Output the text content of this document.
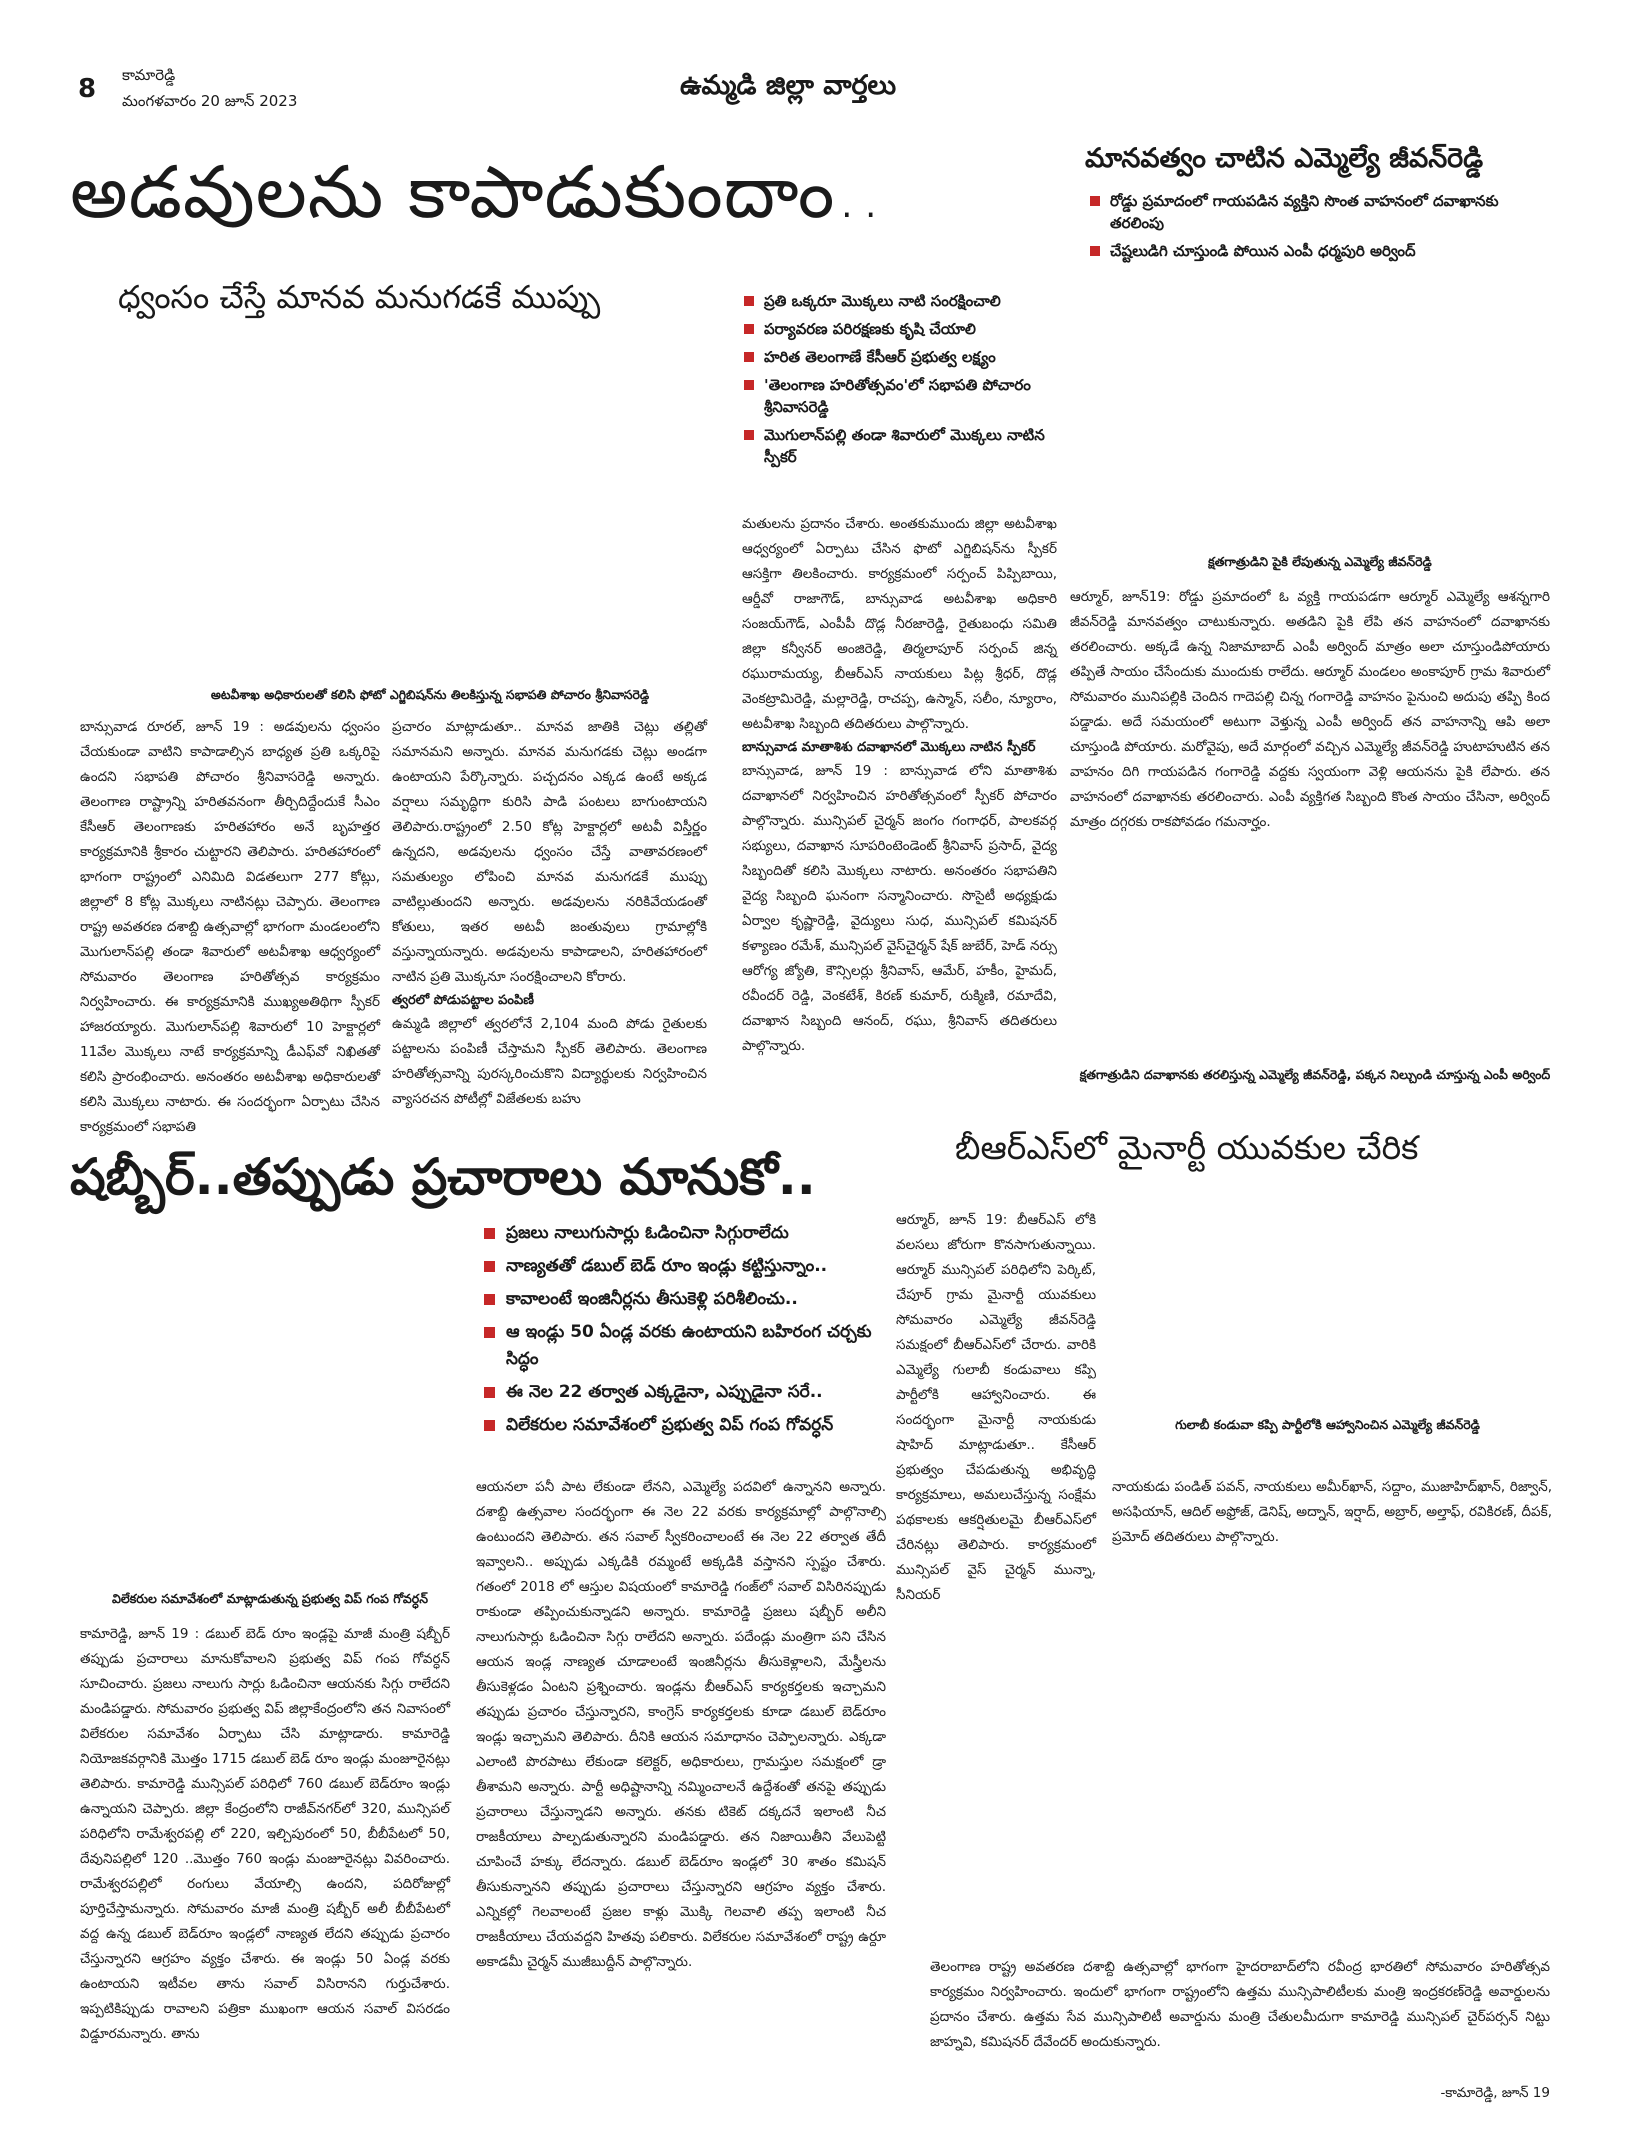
8 కామారెడ్డి
మంగళవారం 20 జూన్ 2023	ఉమ్మడి జిల్లా వార్తలు
అడవులను కాపాడుకుందాం..
ధ్వంసం చేస్తే మానవ మనుగడకే ముప్పు	ప్రతి ఒక్కరూ మొక్కలు నాటి సంరక్షించాలి
పర్యావరణ పరిరక్షణకు కృషి చేయాలి
హరిత తెలంగాణే కేసీఆర్ ప్రభుత్వ లక్ష్యం
'తెలంగాణ హరితోత్సవం'లో సభాపతి పోచారం శ్రీనివాసరెడ్డి
మొగులాన్‌పల్లి తండా శివారులో మొక్కలు నాటిన స్పీకర్
అటవీశాఖ అధికారులతో కలిసి ఫోటో ఎగ్జిబిషన్‌ను తిలకిస్తున్న సభాపతి పోచారం శ్రీనివాసరెడ్డి
బాన్సువాడ రూరల్, జూన్ 19 : అడవులను ధ్వంసం చేయకుండా వాటిని కాపాడాల్సిన బాధ్యత ప్రతి ఒక్కరిపై ఉందని సభాపతి పోచారం శ్రీనివాసరెడ్డి అన్నారు. తెలంగాణ రాష్ట్రాన్ని హరితవనంగా తీర్చిదిద్దేందుకే సీఎం కేసీఆర్ తెలంగాణకు హరితహారం అనే బృహత్తర కార్యక్రమానికి శ్రీకారం చుట్టారని తెలిపారు. హరితహారంలో భాగంగా రాష్ట్రంలో ఎనిమిది విడతలుగా 277 కోట్లు, జిల్లాలో 8 కోట్ల మొక్కలు నాటినట్లు చెప్పారు. తెలంగాణ రాష్ట్ర అవతరణ దశాబ్ది ఉత్సవాల్లో భాగంగా మండలంలోని మొగులాన్‌పల్లి తండా శివారులో అటవీశాఖ ఆధ్వర్యంలో సోమవారం తెలంగాణ హరితోత్సవ కార్యక్రమం నిర్వహించారు. ఈ కార్యక్రమానికి ముఖ్యఅతిథిగా స్పీకర్ హాజరయ్యారు. మొగులాన్‌పల్లి శివారులో 10 హెక్టార్లలో 11వేల మొక్కలు నాటే కార్యక్రమాన్ని డీఎఫ్‌వో నిఖితతో కలిసి ప్రారంభించారు. అనంతరం అటవీశాఖ అధికారులతో కలిసి మొక్కలు నాటారు. ఈ సందర్భంగా ఏర్పాటు చేసిన కార్యక్రమంలో సభాపతి
ప్రచారం మాట్లాడుతూ.. మానవ జాతికి చెట్లు తల్లితో సమానమని అన్నారు. మానవ మనుగడకు చెట్లు అండగా ఉంటాయని పేర్కొన్నారు. పచ్చదనం ఎక్కడ ఉంటే అక్కడ వర్షాలు సమృద్ధిగా కురిసి పాడి పంటలు బాగుంటాయని తెలిపారు.రాష్ట్రంలో 2.50 కోట్ల హెక్టార్లలో అటవీ విస్తీర్ణం ఉన్నదని, అడవులను ధ్వంసం చేస్తే వాతావరణంలో సమతుల్యం లోపించి మానవ మనుగడకే ముప్పు వాటిల్లుతుందని అన్నారు. అడవులను నరికివేయడంతో కోతులు, ఇతర అటవీ జంతువులు గ్రామాల్లోకి వస్తున్నాయన్నారు. అడవులను కాపాడాలని, హరితహారంలో నాటిన ప్రతి మొక్కనూ సంరక్షించాలని కోరారు.
త్వరలో పోడుపట్టాల పంపిణీ
ఉమ్మడి జిల్లాలో త్వరలోనే 2,104 మంది పోడు రైతులకు పట్టాలను పంపిణీ చేస్తామని స్పీకర్ తెలిపారు. తెలంగాణ హరితోత్సవాన్ని పురస్కరించుకొని విద్యార్థులకు నిర్వహించిన వ్యాసరచన పోటీల్లో విజేతలకు బహు
మతులను ప్రదానం చేశారు. అంతకుముందు జిల్లా అటవీశాఖ ఆధ్వర్యంలో ఏర్పాటు చేసిన ఫొటో ఎగ్జిబిషన్‌ను స్పీకర్ ఆసక్తిగా తిలకించారు. కార్యక్రమంలో సర్పంచ్ పిప్పిబాయి, ఆర్డీవో రాజాగౌడ్, బాన్సువాడ అటవీశాఖ అధికారి సంజయ్‌గౌడ్, ఎంపీపీ దొడ్ల నీరజారెడ్డి, రైతుబంధు సమితి జిల్లా కన్వీనర్ అంజిరెడ్డి, తిర్మలాపూర్ సర్పంచ్ జిన్న రఘురామయ్య, బీఆర్ఎస్ నాయకులు పిట్ల శ్రీధర్, దొడ్ల వెంకట్రామిరెడ్డి, మల్లారెడ్డి, రాచప్ప, ఉస్మాన్, సలీం, న్యూరాం, అటవీశాఖ సిబ్బంది తదితరులు పాల్గొన్నారు.
బాన్సువాడ మాతాశిశు దవాఖానలో మొక్కలు నాటిన స్పీకర్
బాన్సువాడ, జూన్ 19 : బాన్సువాడ లోని మాతాశిశు దవాఖానలో నిర్వహించిన హరితోత్సవంలో స్పీకర్ పోచారం పాల్గొన్నారు. మున్సిపల్ చైర్మన్ జంగం గంగాధర్, పాలకవర్గ సభ్యులు, దవాఖాన సూపరింటెండెంట్ శ్రీనివాస్ ప్రసాద్, వైద్య సిబ్బందితో కలిసి మొక్కలు నాటారు. అనంతరం సభాపతిని వైద్య సిబ్బంది ఘనంగా సన్మానించారు. సొసైటీ అధ్యక్షుడు ఏర్వాల కృష్ణారెడ్డి, వైద్యులు సుధ, మున్సిపల్ కమిషనర్ కళ్యాణం రమేశ్, మున్సిపల్ వైస్‌చైర్మన్ షేక్ జుబేర్, హెడ్ నర్సు ఆరోగ్య జ్యోతి, కౌన్సిలర్లు శ్రీనివాస్, ఆమేర్, హకీం, హైమద్, రవీందర్ రెడ్డి, వెంకటేశ్, కిరణ్ కుమార్, రుక్మిణి, రమాదేవి, దవాఖాన సిబ్బంది ఆనంద్, రఘు, శ్రీనివాస్ తదితరులు పాల్గొన్నారు.
మానవత్వం చాటిన ఎమ్మెల్యే జీవన్‌రెడ్డి
రోడ్డు ప్రమాదంలో గాయపడిన వ్యక్తిని సొంత వాహనంలో దవాఖానకు తరలింపు
చేష్టలుడిగి చూస్తుండి పోయిన ఎంపీ ధర్మపురి అర్వింద్
క్షతగాత్రుడిని పైకి లేపుతున్న ఎమ్మెల్యే జీవన్‌రెడ్డి
ఆర్మూర్, జూన్19: రోడ్డు ప్రమాదంలో ఓ వ్యక్తి గాయపడగా ఆర్మూర్ ఎమ్మెల్యే ఆశన్నగారి జీవన్‌రెడ్డి మానవత్వం చాటుకున్నారు. అతడిని పైకి లేపి తన వాహనంలో దవాఖానకు తరలించారు. అక్కడే ఉన్న నిజామాబాద్ ఎంపీ అర్వింద్ మాత్రం అలా చూస్తుండిపోయారు తప్పితే సాయం చేసేందుకు ముందుకు రాలేదు. ఆర్మూర్ మండలం అంకాపూర్ గ్రామ శివారులో సోమవారం మునిపల్లికి చెందిన గాదెపల్లి చిన్న గంగారెడ్డి వాహనం పైనుంచి అదుపు తప్పి కింద పడ్డాడు. అదే సమయంలో అటుగా వెళ్తున్న ఎంపీ అర్వింద్ తన వాహనాన్ని ఆపి అలా చూస్తుండి పోయారు. మరోవైపు, అదే మార్గంలో వచ్చిన ఎమ్మెల్యే జీవన్‌రెడ్డి హుటాహుటిన తన వాహనం దిగి గాయపడిన గంగారెడ్డి వద్దకు స్వయంగా వెళ్లి ఆయనను పైకి లేపారు. తన వాహనంలో దవాఖానకు తరలించారు. ఎంపీ వ్యక్తిగత సిబ్బంది కొంత సాయం చేసినా, అర్వింద్ మాత్రం దగ్గరకు రాకపోవడం గమనార్హం.
క్షతగాత్రుడిని దవాఖానకు తరలిస్తున్న ఎమ్మెల్యే జీవన్‌రెడ్డి, పక్కన నిల్చుండి చూస్తున్న ఎంపీ అర్వింద్
షబ్బీర్..తప్పుడు ప్రచారాలు మానుకో..
ప్రజలు నాలుగుసార్లు ఓడించినా సిగ్గురాలేదు
నాణ్యతతో డబుల్ బెడ్ రూం ఇండ్లు కట్టిస్తున్నాం..
కావాలంటే ఇంజినీర్లను తీసుకెళ్లి పరిశీలించు..
ఆ ఇండ్లు 50 ఏండ్ల వరకు ఉంటాయని బహిరంగ చర్చకు సిద్ధం
ఈ నెల 22 తర్వాత ఎక్కడైనా, ఎప్పుడైనా సరే..
విలేకరుల సమావేశంలో ప్రభుత్వ విప్ గంప గోవర్ధన్
విలేకరుల సమావేశంలో మాట్లాడుతున్న ప్రభుత్వ విప్ గంప గోవర్ధన్
కామారెడ్డి, జూన్ 19 : డబుల్ బెడ్ రూం ఇండ్లపై మాజీ మంత్రి షబ్బీర్ తప్పుడు ప్రచారాలు మానుకోవాలని ప్రభుత్వ విప్ గంప గోవర్ధన్ సూచించారు. ప్రజలు నాలుగు సార్లు ఓడించినా ఆయనకు సిగ్గు రాలేదని మండిపడ్డారు. సోమవారం ప్రభుత్వ విప్ జిల్లాకేంద్రంలోని తన నివాసంలో విలేకరుల సమావేశం ఏర్పాటు చేసి మాట్లాడారు. కామారెడ్డి నియోజకవర్గానికి మొత్తం 1715 డబుల్ బెడ్ రూం ఇండ్లు మంజూరైనట్లు తెలిపారు. కామారెడ్డి మున్సిపల్ పరిధిలో 760 డబుల్ బెడ్‌రూం ఇండ్లు ఉన్నాయని చెప్పారు. జిల్లా కేంద్రంలోని రాజీవ్‌నగర్‌లో 320, మున్సిపల్ పరిధిలోని రామేశ్వరపల్లి లో 220, ఇల్చిపురంలో 50, బీబీపేటలో 50, దేవునిపల్లిలో 120 ..మొత్తం 760 ఇండ్లు మంజూరైనట్లు వివరించారు. రామేశ్వరపల్లిలో రంగులు వేయాల్సి ఉందని, పదిరోజుల్లో పూర్తిచేస్తామన్నారు. సోమవారం మాజీ మంత్రి షబ్బీర్ అలీ బీబీపేటలో వద్ద ఉన్న డబుల్ బెడ్‌రూం ఇండ్లలో నాణ్యత లేదని తప్పుడు ప్రచారం చేస్తున్నారని ఆగ్రహం వ్యక్తం చేశారు. ఈ ఇండ్లు 50 ఏండ్ల వరకు ఉంటాయని ఇటీవల తాను సవాల్ విసిరానని గుర్తుచేశారు. ఇప్పటికిప్పుడు రావాలని పత్రికా ముఖంగా ఆయన సవాల్ విసరడం విడ్డూరమన్నారు. తాను
ఆయనలా పనీ పాట లేకుండా లేనని, ఎమ్మెల్యే పదవిలో ఉన్నానని అన్నారు. దశాబ్ది ఉత్సవాల సందర్భంగా ఈ నెల 22 వరకు కార్యక్రమాల్లో పాల్గొనాల్సి ఉంటుందని తెలిపారు. తన సవాల్ స్వీకరించాలంటే ఈ నెల 22 తర్వాత తేదీ ఇవ్వాలని.. అప్పుడు ఎక్కడికి రమ్మంటే అక్కడికి వస్తానని స్పష్టం చేశారు. గతంలో 2018 లో ఆస్తుల విషయంలో కామారెడ్డి గంజ్‌లో సవాల్ విసిరినప్పుడు రాకుండా తప్పించుకున్నాడని అన్నారు. కామారెడ్డి ప్రజలు షబ్బీర్ అలీని నాలుగుసార్లు ఓడించినా సిగ్గు రాలేదని అన్నారు. పదేండ్లు మంత్రిగా పని చేసిన ఆయన ఇండ్ల నాణ్యత చూడాలంటే ఇంజినీర్లను తీసుకెళ్లాలని, మేస్త్రీలను తీసుకెళ్లడం ఏంటని ప్రశ్నించారు. ఇండ్లను బీఆర్ఎస్ కార్యకర్తలకు ఇచ్చామని తప్పుడు ప్రచారం చేస్తున్నారని, కాంగ్రెస్ కార్యకర్తలకు కూడా డబుల్ బెడ్‌రూం ఇండ్లు ఇచ్చామని తెలిపారు. దీనికి ఆయన సమాధానం చెప్పాలన్నారు. ఎక్కడా ఎలాంటి పొరపాటు లేకుండా కలెక్టర్, అధికారులు, గ్రామస్తుల సమక్షంలో డ్రా తీశామని అన్నారు. పార్టీ అధిష్టానాన్ని నమ్మించాలనే ఉద్దేశంతో తనపై తప్పుడు ప్రచారాలు చేస్తున్నాడని అన్నారు. తనకు టికెట్ దక్కదనే ఇలాంటి నీచ రాజకీయాలు పాల్పడుతున్నారని మండిపడ్డారు. తన నిజాయితీని వేలుపెట్టి చూపించే హక్కు లేదన్నారు. డబుల్ బెడ్‌రూం ఇండ్లలో 30 శాతం కమిషన్ తీసుకున్నానని తప్పుడు ప్రచారాలు చేస్తున్నారని ఆగ్రహం వ్యక్తం చేశారు. ఎన్నికల్లో గెలవాలంటే ప్రజల కాళ్లు మొక్కి గెలవాలి తప్ప ఇలాంటి నీచ రాజకీయాలు చేయవద్దని హితవు పలికారు. విలేకరుల సమావేశంలో రాష్ట్ర ఉర్దూ అకాడమీ చైర్మన్ ముజీబుద్దీన్ పాల్గొన్నారు.
బీఆర్ఎస్‌లో మైనార్టీ యువకుల చేరిక
ఆర్మూర్, జూన్ 19: బీఆర్ఎస్ లోకి వలసలు జోరుగా కొనసాగుతున్నాయి. ఆర్మూర్ మున్సిపల్ పరిధిలోని పెర్కిట్, చేపూర్ గ్రామ మైనార్టీ యువకులు సోమవారం ఎమ్మెల్యే జీవన్‌రెడ్డి సమక్షంలో బీఆర్ఎస్‌లో చేరారు. వారికి ఎమ్మెల్యే గులాబీ కండువాలు కప్పి పార్టీలోకి ఆహ్వానించారు. ఈ సందర్భంగా మైనార్టీ నాయకుడు షాహిద్ మాట్లాడుతూ.. కేసీఆర్ ప్రభుత్వం చేపడుతున్న అభివృద్ధి కార్యక్రమాలు, అమలుచేస్తున్న సంక్షేమ పథకాలకు ఆకర్షితులమై బీఆర్ఎస్‌లో చేరినట్లు తెలిపారు. కార్యక్రమంలో మున్సిపల్ వైస్ చైర్మన్ మున్నా, సీనియర్
గులాబీ కండువా కప్పి పార్టీలోకి ఆహ్వానించిన ఎమ్మెల్యే జీవన్‌రెడ్డి
నాయకుడు పండిత్ పవన్, నాయకులు అమీర్‌ఖాన్, సద్దాం, ముజాహిద్‌ఖాన్, రిజ్వాన్, అసఫియాన్, ఆదిల్ అఫ్రోజ్, డెనిష్, అద్నాన్, ఇర్షాద్, అబ్రార్, అల్తాఫ్, రవికిరణ్, దీపక్, ప్రమోద్ తదితరులు పాల్గొన్నారు.
తెలంగాణ రాష్ట్ర అవతరణ దశాబ్ది ఉత్సవాల్లో భాగంగా హైదరాబాద్‌లోని రవీంద్ర భారతిలో సోమవారం హరితోత్సవ కార్యక్రమం నిర్వహించారు. ఇందులో భాగంగా రాష్ట్రంలోని ఉత్తమ మున్సిపాలిటీలకు మంత్రి ఇంద్రకరణ్‌రెడ్డి అవార్డులను ప్రదానం చేశారు. ఉత్తమ సేవ మున్సిపాలిటీ అవార్డును మంత్రి చేతులమీదుగా కామారెడ్డి మున్సిపల్ చైర్‌పర్సన్ నిట్టు జాహ్నవి, కమిషనర్ దేవేందర్ అందుకున్నారు.
-కామారెడ్డి, జూన్ 19
